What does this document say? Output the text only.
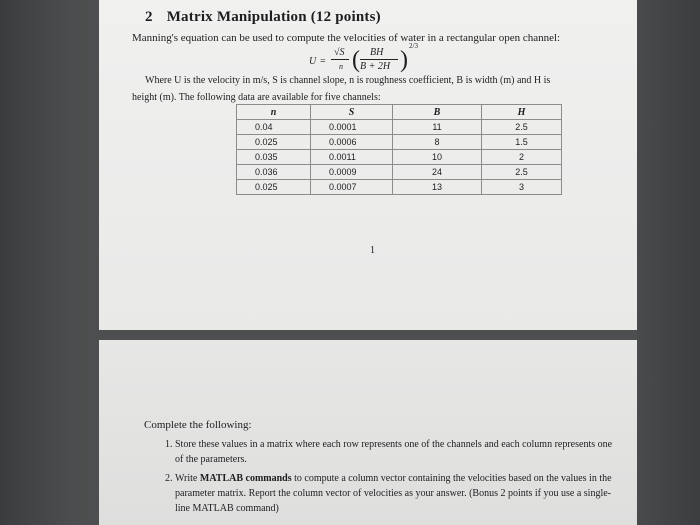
2 Matrix Manipulation (12 points)
Manning's equation can be used to compute the velocities of water in a rectangular open channel:
U =
√S
n ( BH
B + 2H )
2/3
Where U is the velocity in m/s, S is channel slope, n is roughness coefficient, B is width (m) and H is
height (m). The following data are available for five channels:
n	S	B	H
0.04	0.0001	11	2.5
0.025	0.0006	8	1.5
0.035	0.0011	10	2
0.036	0.0009	24	2.5
0.025	0.0007	13	3
1
Complete the following:
1. Store these values in a matrix where each row represents one of the channels and each column represents one of the parameters.
2. Write MATLAB commands to compute a column vector containing the velocities based on the values in the parameter matrix. Report the column vector of velocities as your answer. (Bonus 2 points if you use a single-line MATLAB command)
